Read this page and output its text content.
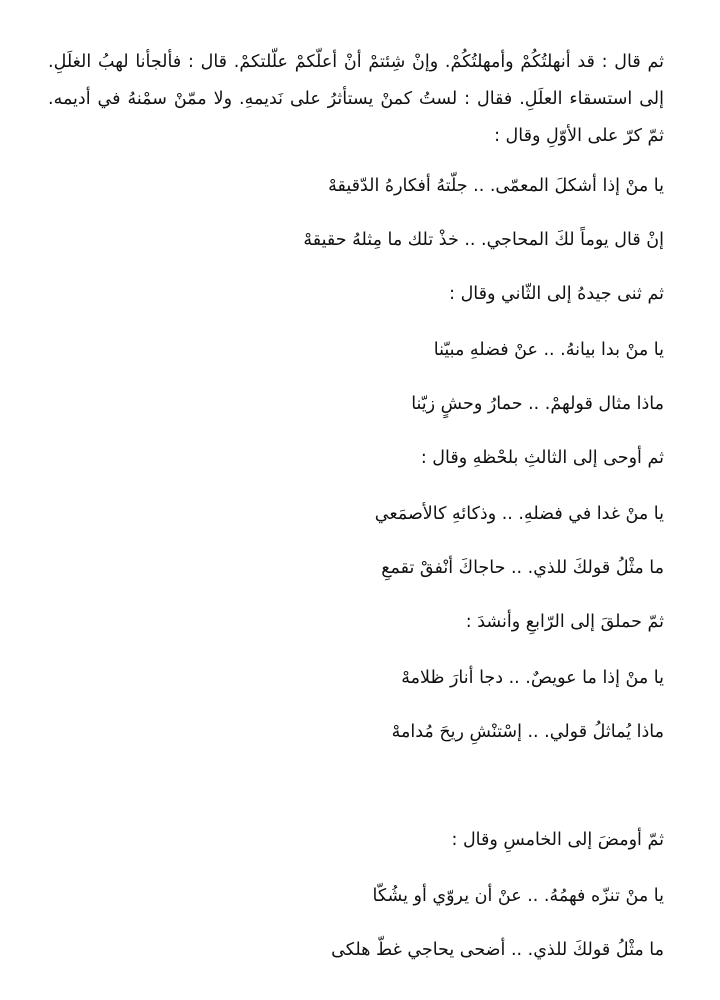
ثم قال : قد أنهلتُكُمْ وأمهلتُكُمْ. وإنْ شِئتمْ أنْ أعلّكمْ علّلتكمْ. قال : فألجأنا لهبُ الغلَلِ. إلى استسقاء العلَلِ. فقال : لستُ كمنْ يستأثرُ على نَديمهِ. ولا ممّنْ سمْنهُ في أديمه. ثمّ كرّ على الأوّلِ وقال :

يا منْ إذا أشكلَ المعمّى. .. جلّتهُ أفكارهُ الدّقيقهْ

إنْ قال يوماً لكَ المحاجي. .. خذْ تلك ما مِثلهُ حقيقهْ

ثم ثنى جيدهُ إلى الثّاني وقال :

يا منْ بدا بيانهُ. .. عنْ فضلهِ مبيّنا

ماذا مثال قولهمْ. .. حمارُ وحشٍ زيّنا

ثم أوحى إلى الثالثِ بلحْظهِ وقال :

يا منْ غدا في فضلهِ. .. وذكائهِ كالأصمَعي

ما مثْلُ قولكَ للذي. .. حاجاكَ أنْفقْ تقمعِ

ثمّ حملقَ إلى الرّابعِ وأنشدَ :

يا منْ إذا ما عويصٌ. .. دجا أنارَ ظلامهْ

ماذا يُماثلُ قولي. .. إسْتنْشِ ريحَ مُدامهْ

ثمّ أومضَ إلى الخامسِ وقال :

يا منْ تنزّه فهمُهُ. .. عنْ أن يروّي أو يشُكّا

ما مثْلُ قولكَ للذي. .. أضحى يحاجي غطّ هلكى
